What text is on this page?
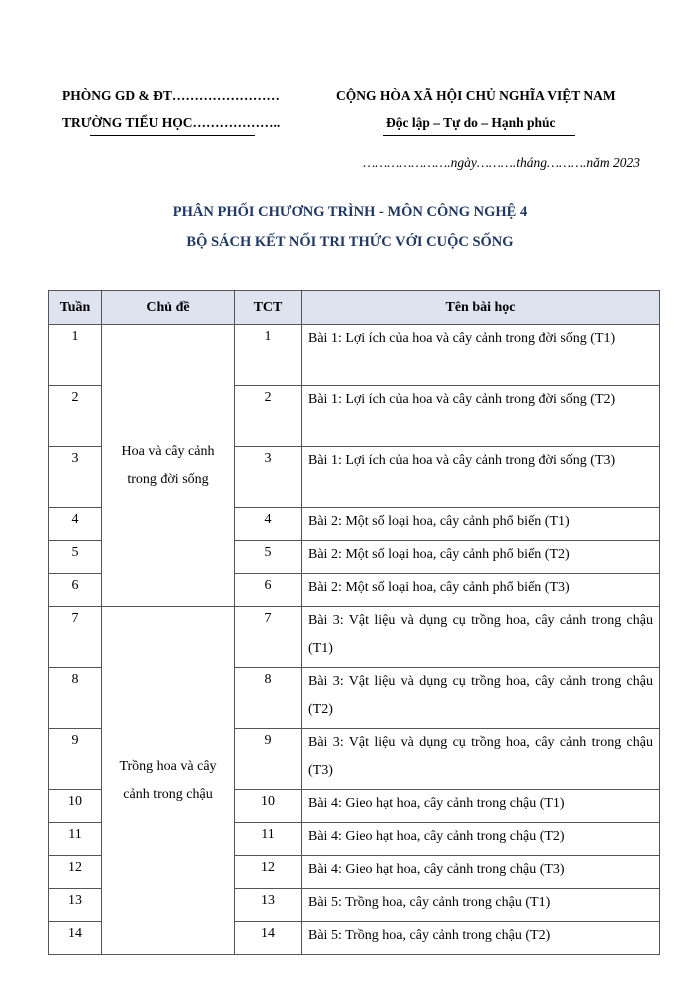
PHÒNG GD & ĐT……………………
TRƯỜNG TIỂU HỌC………………..
CỘNG HÒA XÃ HỘI CHỦ NGHĨA VIỆT NAM
Độc lập – Tự do – Hạnh phúc
………………….ngày……….tháng……….năm 2023
PHÂN PHỐI CHƯƠNG TRÌNH - MÔN CÔNG NGHỆ 4
BỘ SÁCH KẾT NỐI TRI THỨC VỚI CUỘC SỐNG
Tuần	Chủ đề	TCT	Tên bài học
1	Hoa và cây cảnh trong đời sống	1	Bài 1: Lợi ích của hoa và cây cảnh trong đời sống (T1)
2		2	Bài 1: Lợi ích của hoa và cây cảnh trong đời sống (T2)
3		3	Bài 1: Lợi ích của hoa và cây cảnh trong đời sống (T3)
4		4	Bài 2: Một số loại hoa, cây cảnh phổ biến (T1)
5		5	Bài 2: Một số loại hoa, cây cảnh phổ biến (T2)
6		6	Bài 2: Một số loại hoa, cây cảnh phổ biến (T3)
7	Trồng hoa và cây cảnh trong chậu	7	Bài 3: Vật liệu và dụng cụ trồng hoa, cây cảnh trong chậu (T1)
8		8	Bài 3: Vật liệu và dụng cụ trồng hoa, cây cảnh trong chậu (T2)
9		9	Bài 3: Vật liệu và dụng cụ trồng hoa, cây cảnh trong chậu (T3)
10		10	Bài 4: Gieo hạt hoa, cây cảnh trong chậu (T1)
11		11	Bài 4: Gieo hạt hoa, cây cảnh trong chậu (T2)
12		12	Bài 4: Gieo hạt hoa, cây cảnh trong chậu (T3)
13		13	Bài 5: Trồng hoa, cây cảnh trong chậu (T1)
14		14	Bài 5: Trồng hoa, cây cảnh trong chậu (T2)
